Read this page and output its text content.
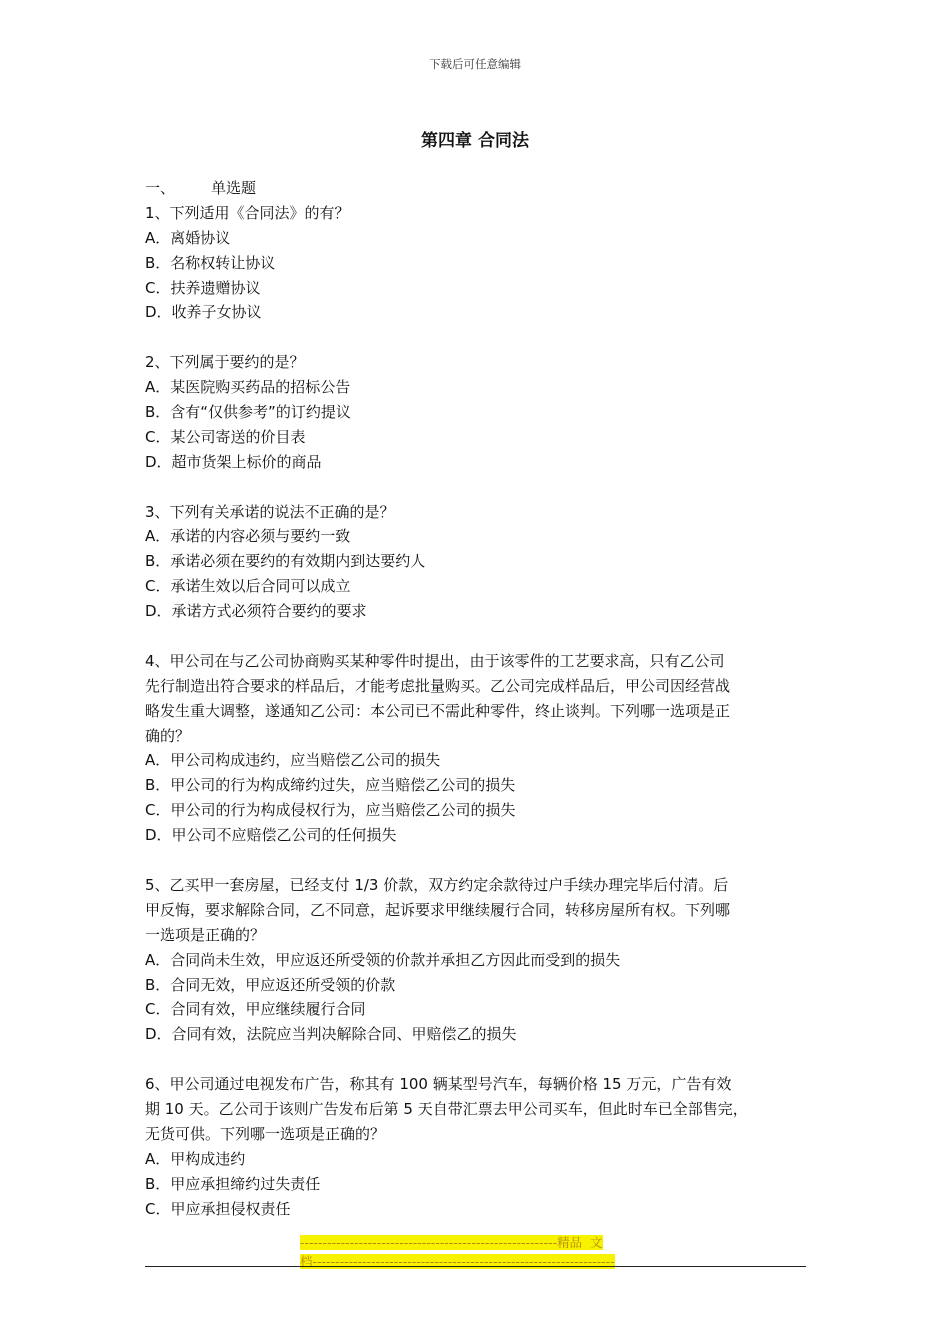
下载后可任意编辑
第四章 合同法
一、 单选题
1、下列适用《合同法》的有？
A．离婚协议
B．名称权转让协议
C．扶养遗赠协议
D．收养子女协议
2、下列属于要约的是？
A．某医院购买药品的招标公告
B．含有“仅供参考”的订约提议
C．某公司寄送的价目表
D．超市货架上标价的商品
3、下列有关承诺的说法不正确的是？
A．承诺的内容必须与要约一致
B．承诺必须在要约的有效期内到达要约人
C．承诺生效以后合同可以成立
D．承诺方式必须符合要约的要求
4、甲公司在与乙公司协商购买某种零件时提出，由于该零件的工艺要求高，只有乙公司
先行制造出符合要求的样品后，才能考虑批量购买。乙公司完成样品后，甲公司因经营战
略发生重大调整，遂通知乙公司：本公司已不需此种零件，终止谈判。下列哪一选项是正
确的？
A．甲公司构成违约，应当赔偿乙公司的损失
B．甲公司的行为构成缔约过失，应当赔偿乙公司的损失
C．甲公司的行为构成侵权行为，应当赔偿乙公司的损失
D．甲公司不应赔偿乙公司的任何损失
5、乙买甲一套房屋，已经支付 1/3 价款，双方约定余款待过户手续办理完毕后付清。后
甲反悔，要求解除合同，乙不同意，起诉要求甲继续履行合同，转移房屋所有权。下列哪
一选项是正确的？
A．合同尚未生效，甲应返还所受领的价款并承担乙方因此而受到的损失
B．合同无效，甲应返还所受领的价款
C．合同有效，甲应继续履行合同
D．合同有效，法院应当判决解除合同、甲赔偿乙的损失
6、甲公司通过电视发布广告，称其有 100 辆某型号汽车，每辆价格 15 万元，广告有效
期 10 天。乙公司于该则广告发布后第 5 天自带汇票去甲公司买车，但此时车已全部售完，
无货可供。下列哪一选项是正确的？
A．甲构成违约
B．甲应承担缔约过失责任
C．甲应承担侵权责任
---------------------------------------------------------精品  文
档-------------------------------------------------------------------
